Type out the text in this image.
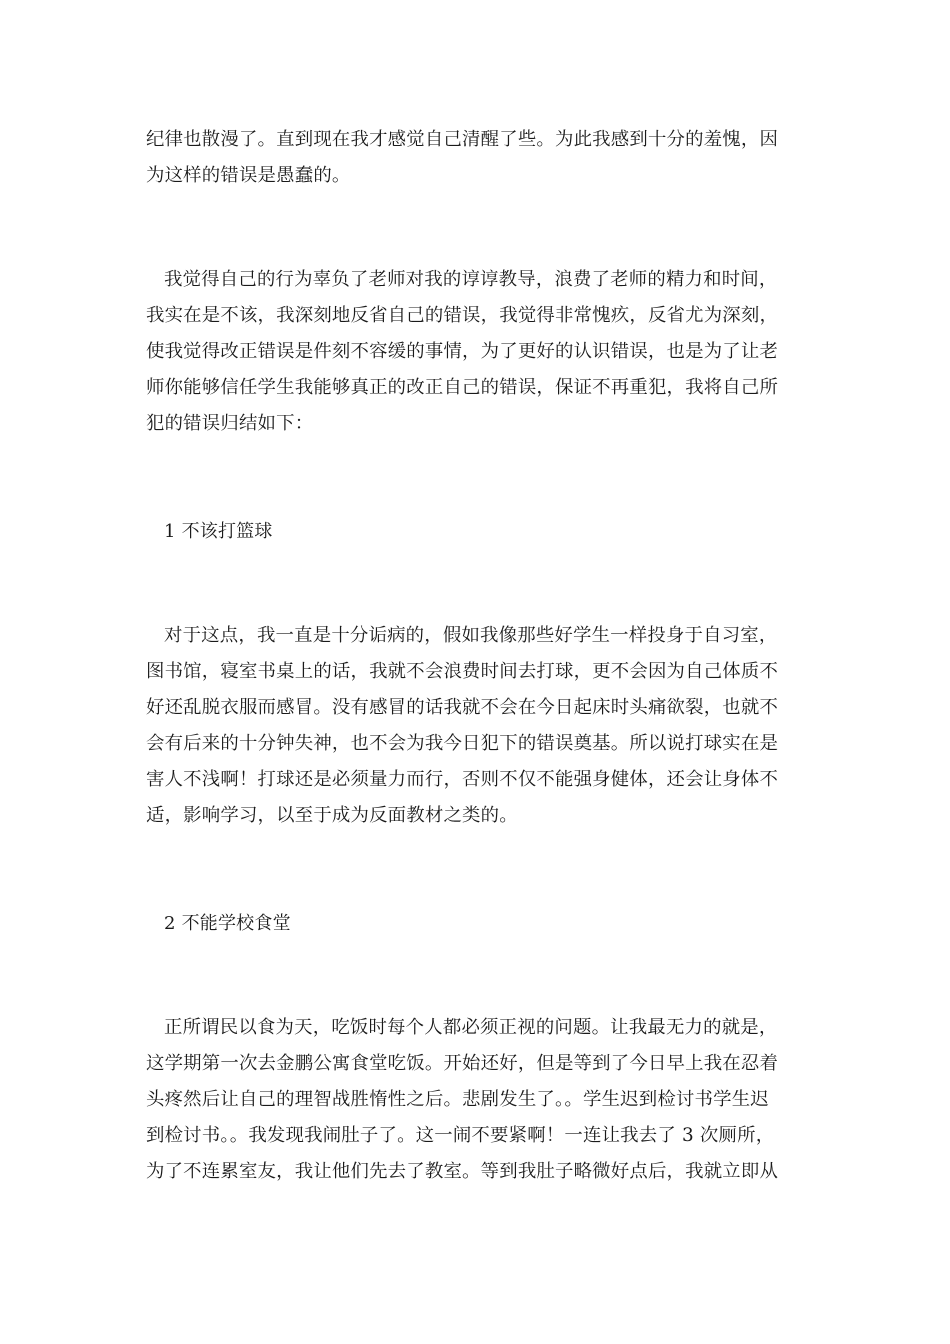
纪律也散漫了。直到现在我才感觉自己清醒了些。为此我感到十分的羞愧，因
为这样的错误是愚蠢的。
我觉得自己的行为辜负了老师对我的谆谆教导，浪费了老师的精力和时间，
我实在是不该，我深刻地反省自己的错误，我觉得非常愧疚，反省尤为深刻，
使我觉得改正错误是件刻不容缓的事情，为了更好的认识错误，也是为了让老
师你能够信任学生我能够真正的改正自己的错误，保证不再重犯，我将自己所
犯的错误归结如下：
1 不该打篮球
对于这点，我一直是十分诟病的，假如我像那些好学生一样投身于自习室，
图书馆，寝室书桌上的话，我就不会浪费时间去打球，更不会因为自己体质不
好还乱脱衣服而感冒。没有感冒的话我就不会在今日起床时头痛欲裂，也就不
会有后来的十分钟失神，也不会为我今日犯下的错误奠基。所以说打球实在是
害人不浅啊！打球还是必须量力而行，否则不仅不能强身健体，还会让身体不
适，影响学习，以至于成为反面教材之类的。
2 不能学校食堂
正所谓民以食为天，吃饭时每个人都必须正视的问题。让我最无力的就是，
这学期第一次去金鹏公寓食堂吃饭。开始还好，但是等到了今日早上我在忍着
头疼然后让自己的理智战胜惰性之后。悲剧发生了。。学生迟到检讨书学生迟
到检讨书。。我发现我闹肚子了。这一闹不要紧啊！一连让我去了 3 次厕所，
为了不连累室友，我让他们先去了教室。等到我肚子略微好点后，我就立即从
